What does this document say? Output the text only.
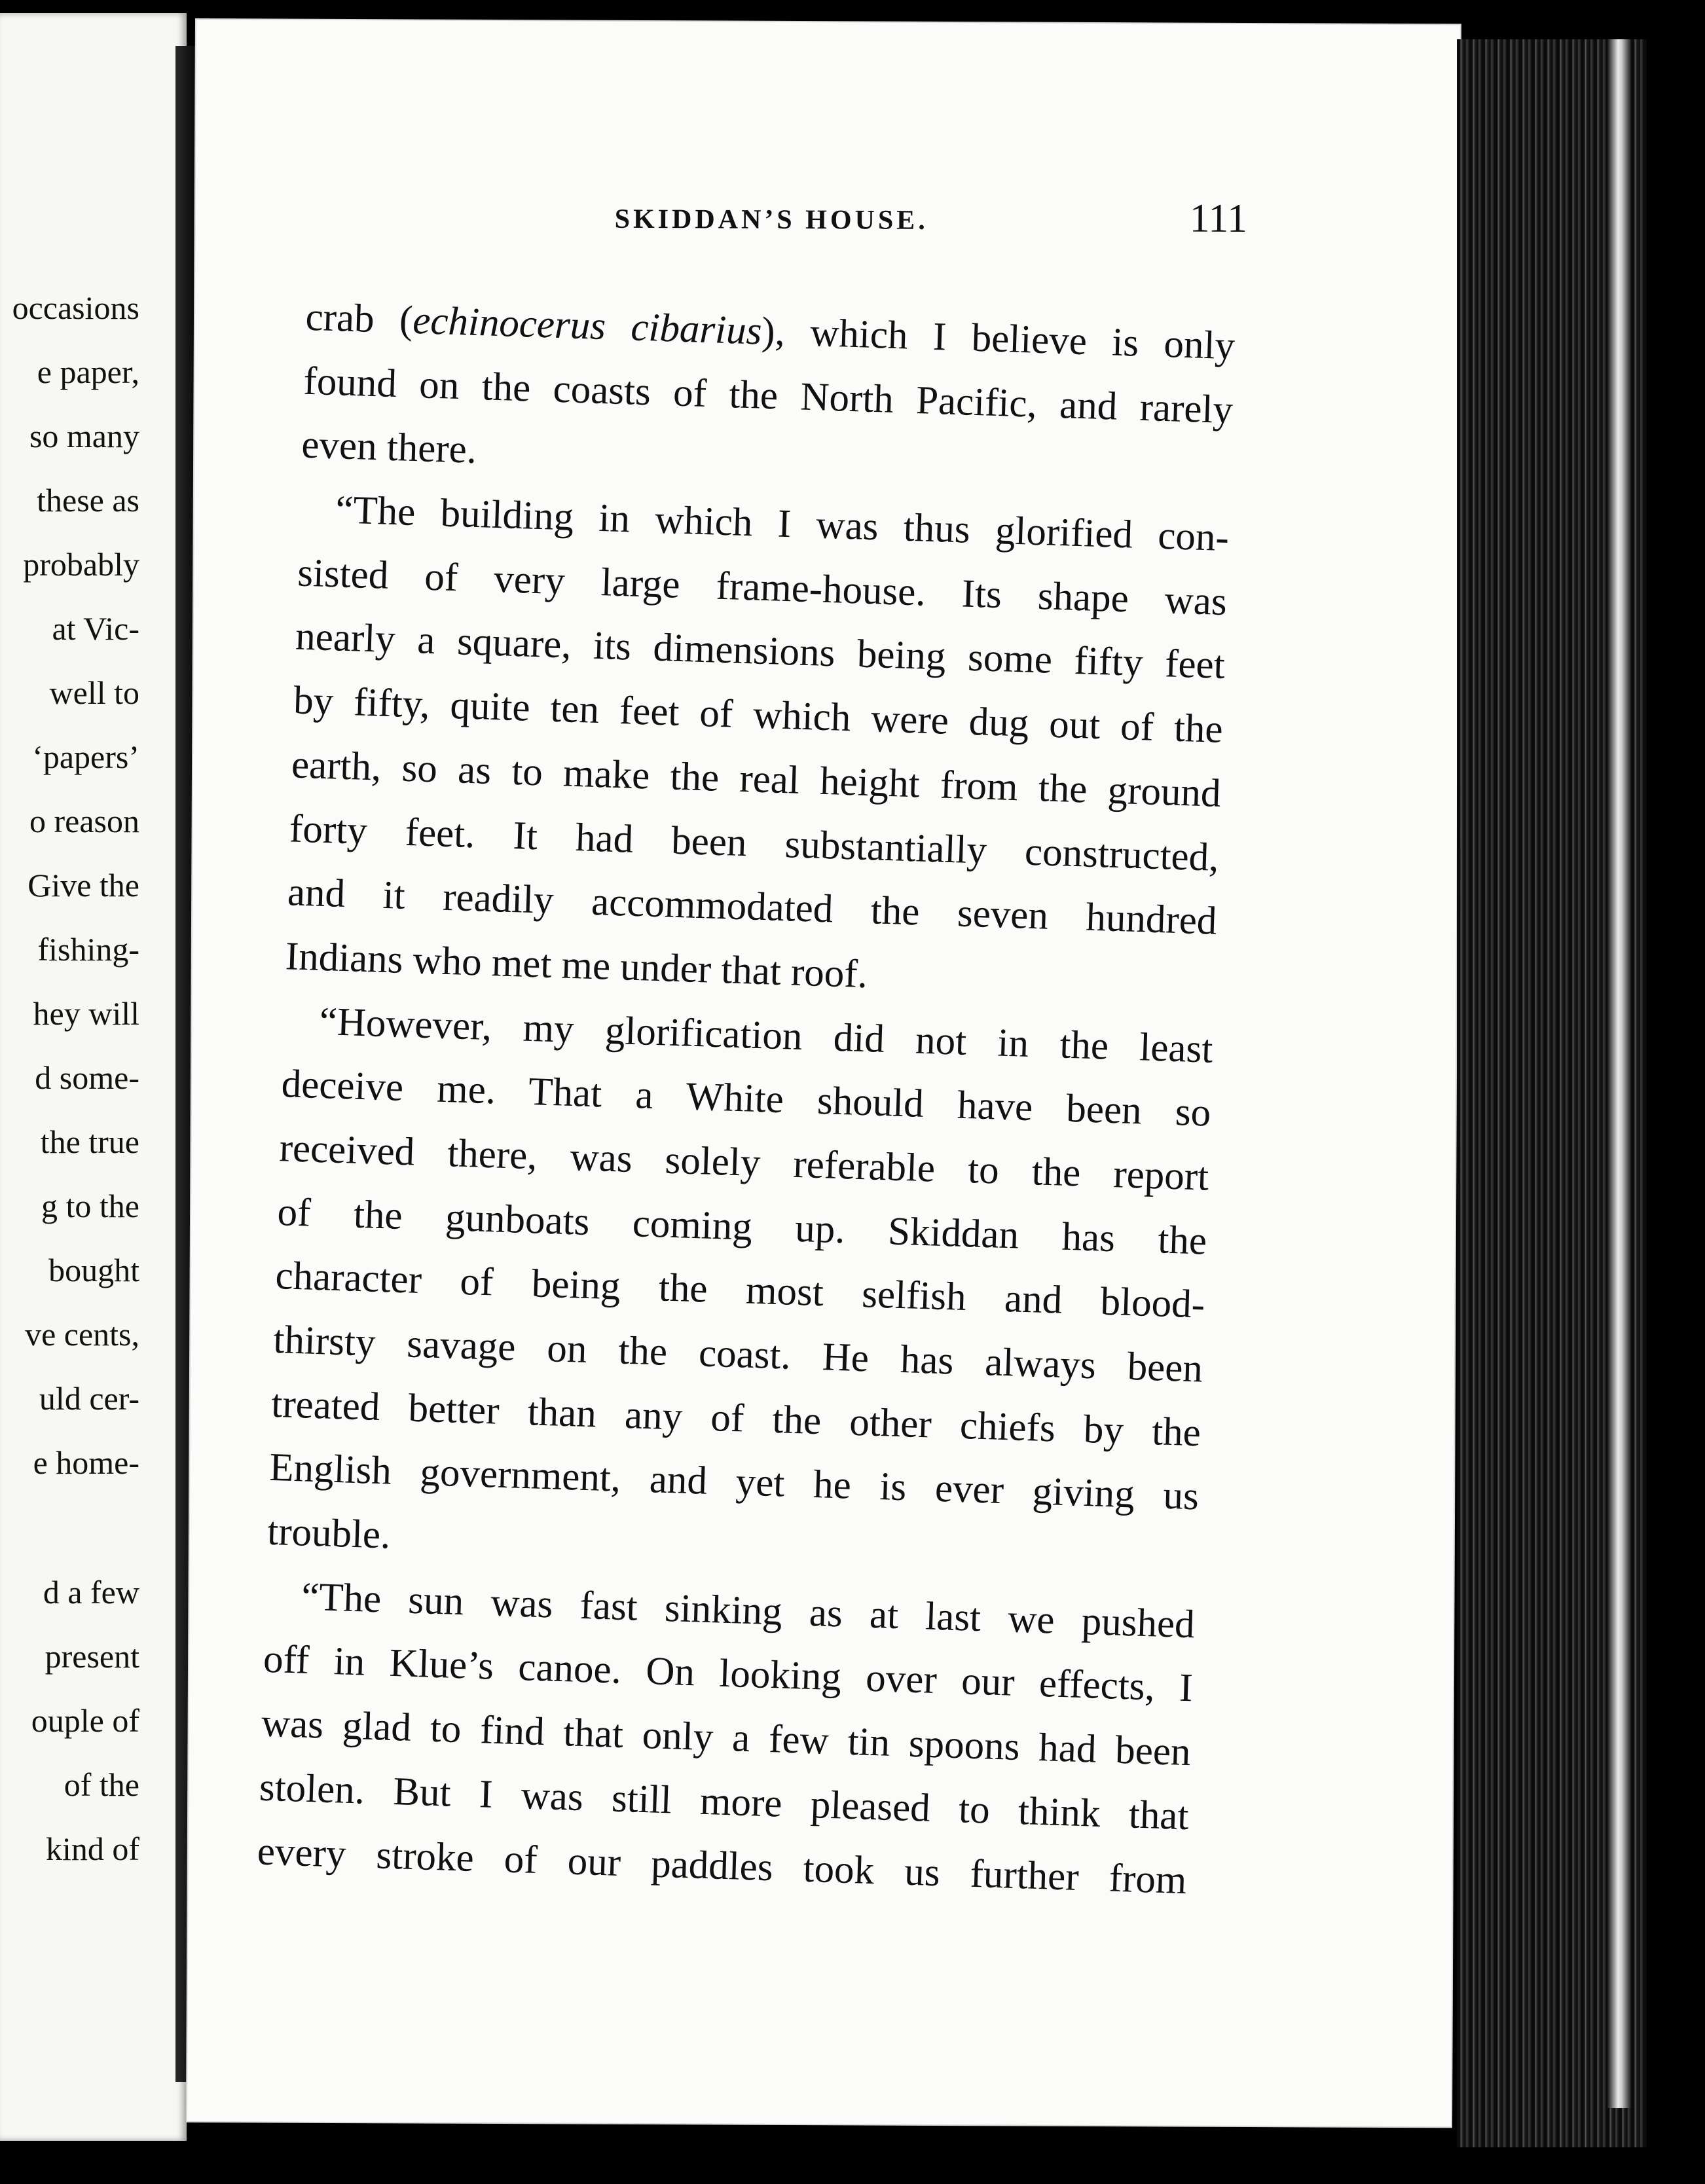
occasions
e paper,
so many
these as
probably
at Vic-
well to
‘papers’
o reason
Give the
fishing-
hey will
d some-
the true
g to the
bought
ve cents,
uld cer-
e home-
d a few
present
ouple of
of the
kind of
SKIDDAN’S HOUSE.	111
crab (echinocerus cibarius), which I believe is only
found on the coasts of the North Pacific, and rarely
even there.
“The building in which I was thus glorified con-
sisted of very large frame-house. Its shape was
nearly a square, its dimensions being some fifty feet
by fifty, quite ten feet of which were dug out of the
earth, so as to make the real height from the ground
forty feet. It had been substantially constructed,
and it readily accommodated the seven hundred
Indians who met me under that roof.
“However, my glorification did not in the least
deceive me. That a White should have been so
received there, was solely referable to the report
of the gunboats coming up. Skiddan has the
character of being the most selfish and blood-
thirsty savage on the coast. He has always been
treated better than any of the other chiefs by the
English government, and yet he is ever giving us
trouble.
“The sun was fast sinking as at last we pushed
off in Klue’s canoe. On looking over our effects, I
was glad to find that only a few tin spoons had been
stolen. But I was still more pleased to think that
every stroke of our paddles took us further from
